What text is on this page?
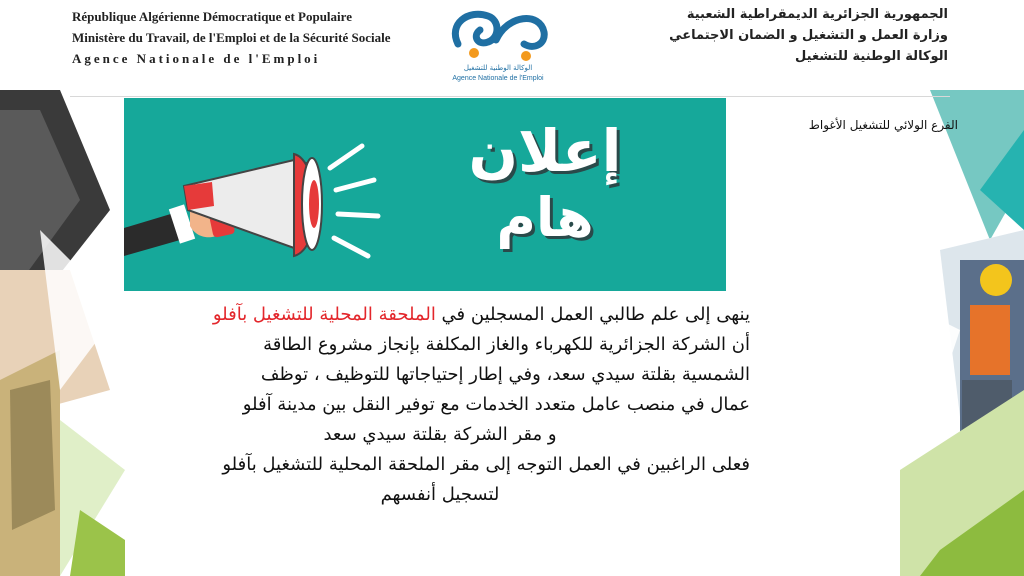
République Algérienne Démocratique et Populaire
Ministère du Travail, de l'Emploi et de la Sécurité Sociale
Agence Nationale de l'Emploi
الجمهورية الجزائرية الديمقراطية الشعبية
وزارة العمل و التشغيل و الضمان الاجتماعي
الوكالة الوطنية للتشغيل
الوكالة الوطنية للتشغيل
Agence Nationale de l'Emploi
إعلان
هام
الفرع الولائي للتشغيل الأغواط
ينهى إلى علم طالبي العمل المسجلين في الملحقة المحلية للتشغيل بآفلو
أن الشركة الجزائرية للكهرباء والغاز المكلفة بإنجاز مشروع الطاقة
الشمسية بقلتة سيدي سعد، وفي إطار إحتياجاتها للتوظيف ، توظف
عمال في منصب عامل متعدد الخدمات مع توفير النقل بين مدينة آفلو
و مقر الشركة بقلتة سيدي سعد
فعلى الراغبين في العمل التوجه إلى مقر الملحقة المحلية للتشغيل بآفلو
لتسجيل أنفسهم
